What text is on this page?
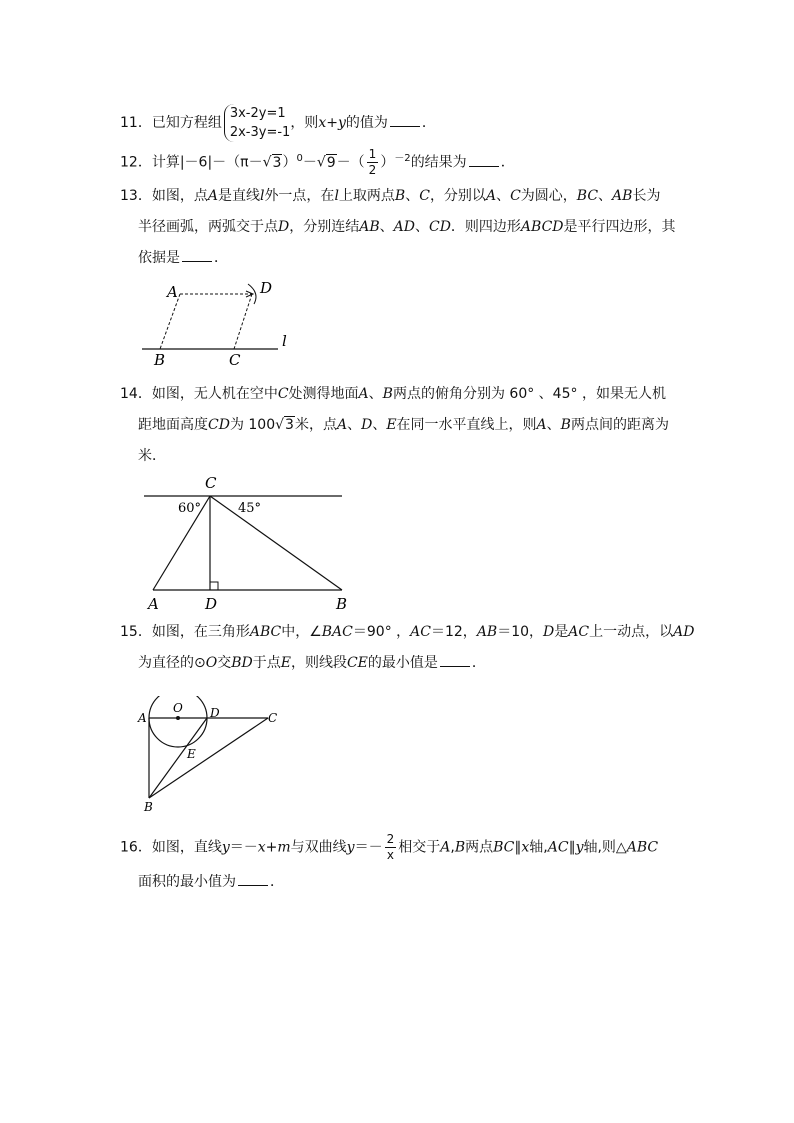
11．已知方程组
3x-2y=1
2x-3y=-1
，则x+y的值为 ．
12．计算$|-6|-(\pi-√3)^0-√9-( \frac{1}{2} )^{-2}$的结果为 ．
13．如图，点A是直线l外一点，在l上取两点B、C，分别以A、C为圆心，BC、AB长为
半径画弧，两弧交于点D，分别连结AB、AD、CD．则四边形ABCD是平行四边形，其
依据是 ．
A	D
B	C
l
14．如图，无人机在空中C处测得地面A、B两点的俯角分别为 60° 、45° ，如果无人机
距地面高度CD为 100√3米，点A、D、E在同一水平直线上，则A、B两点间的距离为
米．
C
60°	45°
A	D	B
15．如图，在三角形ABC中，∠BAC＝90° ，AC＝12，AB＝10，D是AC上一动点，以AD
为直径的⊙O交BD于点E，则线段CE的最小值是 ．
A
O D	C
E
B
16．如图，直线y＝－x+m与双曲线$y=- \frac{2}{x}$ 相交于A,B两点BC∥x轴,AC∥y轴,则△ABC
面积的最小值为 ．
